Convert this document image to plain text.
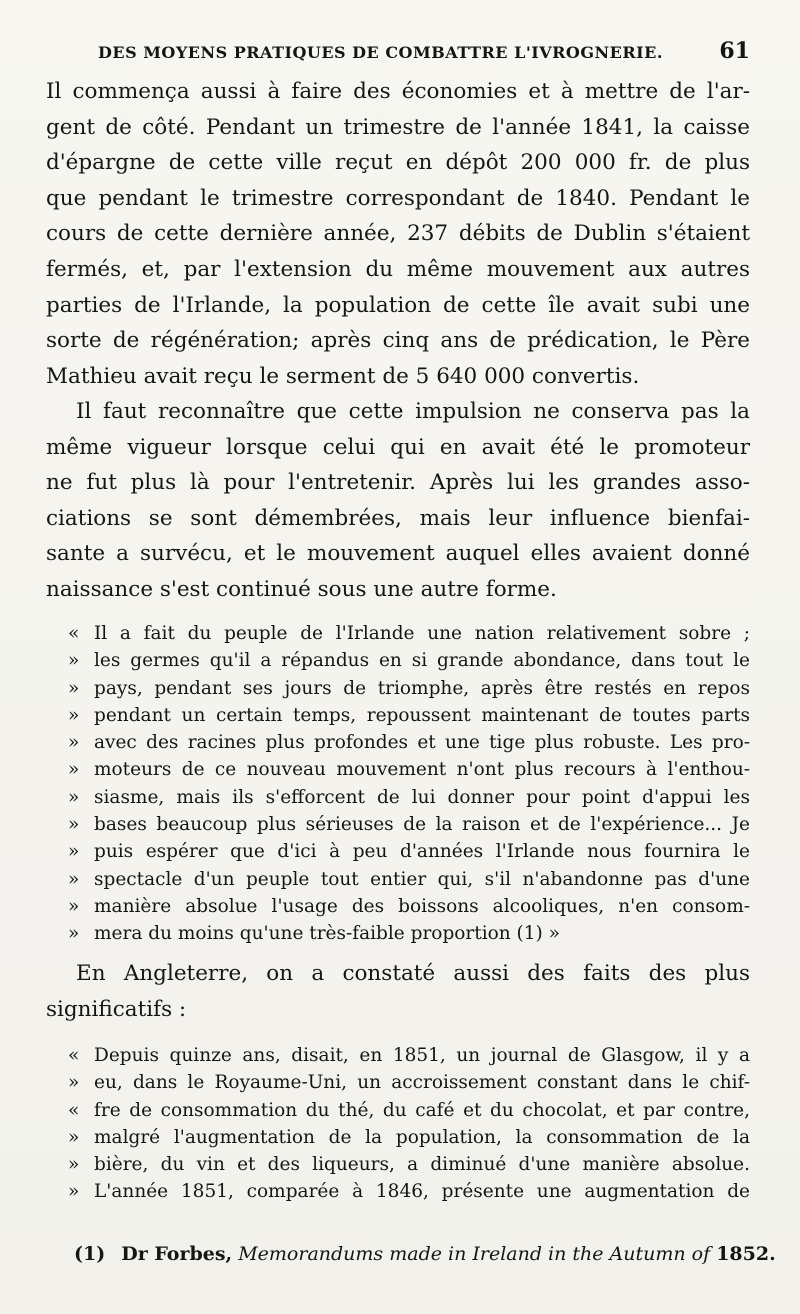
DES MOYENS PRATIQUES DE COMBATTRE L'IVROGNERIE.	61
Il commença aussi à faire des économies et à mettre de l'ar-
gent de côté. Pendant un trimestre de l'année 1841, la caisse
d'épargne de cette ville reçut en dépôt 200 000 fr. de plus
que pendant le trimestre correspondant de 1840. Pendant le
cours de cette dernière année, 237 débits de Dublin s'étaient
fermés, et, par l'extension du même mouvement aux autres
parties de l'Irlande, la population de cette île avait subi une
sorte de régénération; après cinq ans de prédication, le Père
Mathieu avait reçu le serment de 5 640 000 convertis.
Il faut reconnaître que cette impulsion ne conserva pas la
même vigueur lorsque celui qui en avait été le promoteur
ne fut plus là pour l'entretenir. Après lui les grandes asso-
ciations se sont démembrées, mais leur influence bienfai-
sante a survécu, et le mouvement auquel elles avaient donné
naissance s'est continué sous une autre forme.
« Il a fait du peuple de l'Irlande une nation relativement sobre ;
» les germes qu'il a répandus en si grande abondance, dans tout le
» pays, pendant ses jours de triomphe, après être restés en repos
» pendant un certain temps, repoussent maintenant de toutes parts
» avec des racines plus profondes et une tige plus robuste. Les pro-
» moteurs de ce nouveau mouvement n'ont plus recours à l'enthou-
» siasme, mais ils s'efforcent de lui donner pour point d'appui les
» bases beaucoup plus sérieuses de la raison et de l'expérience... Je
» puis espérer que d'ici à peu d'années l'Irlande nous fournira le
» spectacle d'un peuple tout entier qui, s'il n'abandonne pas d'une
» manière absolue l'usage des boissons alcooliques, n'en consom-
» mera du moins qu'une très-faible proportion (1) »
En Angleterre, on a constaté aussi des faits des plus
significatifs :
« Depuis quinze ans, disait, en 1851, un journal de Glasgow, il y a
» eu, dans le Royaume-Uni, un accroissement constant dans le chif-
« fre de consommation du thé, du café et du chocolat, et par contre,
» malgré l'augmentation de la population, la consommation de la
» bière, du vin et des liqueurs, a diminué d'une manière absolue.
» L'année 1851, comparée à 1846, présente une augmentation de
(1) Dr Forbes, Memorandums made in Ireland in the Autumn of 1852.
